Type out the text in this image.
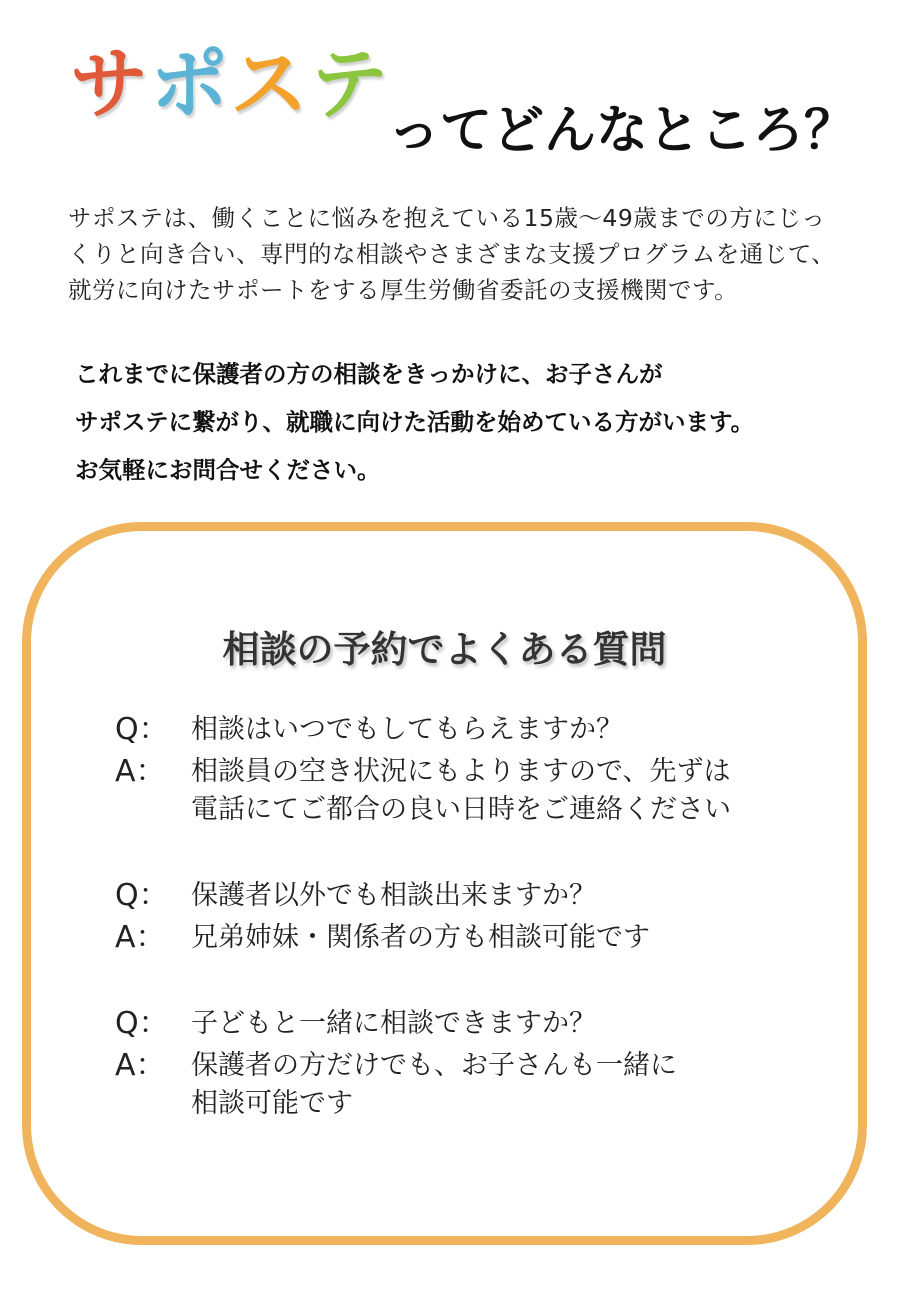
サポステ
ってどんなところ？

サポステは、働くことに悩みを抱えている15歳〜49歳までの方にじっくりと向き合い、専門的な相談やさまざまな支援プログラムを通じて、就労に向けたサポートをする厚生労働省委託の支援機関です。

これまでに保護者の方の相談をきっかけに、お子さんが
サポステに繋がり、就職に向けた活動を始めている方がいます。
お気軽にお問合せください。
相談の予約でよくある質問
Q： 相談はいつでもしてもらえますか？
A： 相談員の空き状況にもよりますので、先ずは
電話にてご都合の良い日時をご連絡ください
Q： 保護者以外でも相談出来ますか？
A： 兄弟姉妹・関係者の方も相談可能です
Q： 子どもと一緒に相談できますか？
A： 保護者の方だけでも、お子さんも一緒に
相談可能です
